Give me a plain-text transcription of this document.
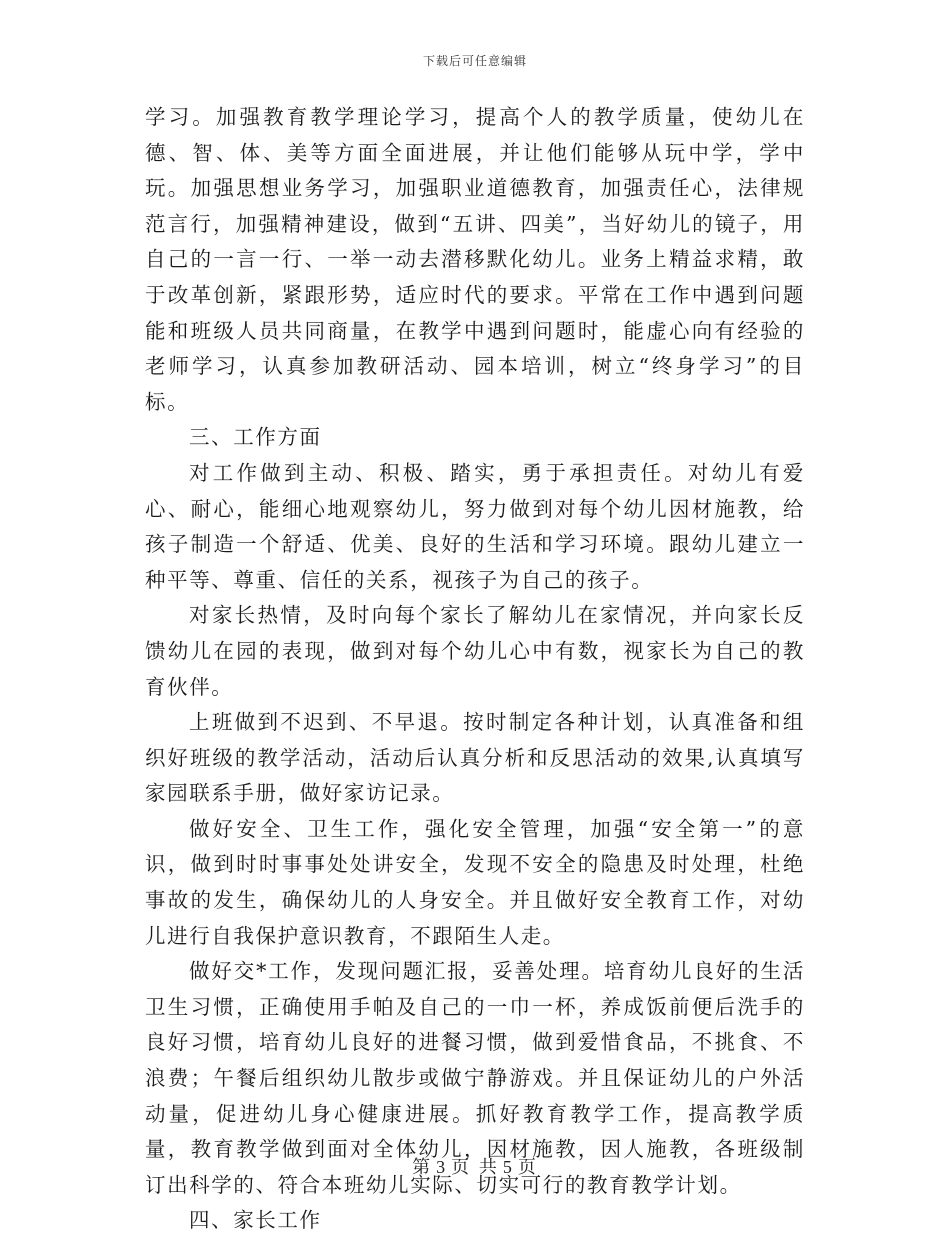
下载后可任意编辑

学习。加强教育教学理论学习，提高个人的教学质量，使幼儿在德、智、体、美等方面全面进展，并让他们能够从玩中学，学中玩。加强思想业务学习，加强职业道德教育，加强责任心，法律规范言行，加强精神建设，做到“五讲、四美”，当好幼儿的镜子，用自己的一言一行、一举一动去潜移默化幼儿。业务上精益求精，敢于改革创新，紧跟形势，适应时代的要求。平常在工作中遇到问题能和班级人员共同商量，在教学中遇到问题时，能虚心向有经验的老师学习，认真参加教研活动、园本培训，树立“终身学习”的目标。

三、工作方面

对工作做到主动、积极、踏实，勇于承担责任。对幼儿有爱心、耐心，能细心地观察幼儿，努力做到对每个幼儿因材施教，给孩子制造一个舒适、优美、良好的生活和学习环境。跟幼儿建立一种平等、尊重、信任的关系，视孩子为自己的孩子。

对家长热情，及时向每个家长了解幼儿在家情况，并向家长反馈幼儿在园的表现，做到对每个幼儿心中有数，视家长为自己的教育伙伴。

上班做到不迟到、不早退。按时制定各种计划，认真准备和组织好班级的教学活动，活动后认真分析和反思活动的效果,认真填写家园联系手册，做好家访记录。

做好安全、卫生工作，强化安全管理，加强“安全第一”的意识，做到时时事事处处讲安全，发现不安全的隐患及时处理，杜绝事故的发生，确保幼儿的人身安全。并且做好安全教育工作，对幼儿进行自我保护意识教育，不跟陌生人走。

做好交*工作，发现问题汇报，妥善处理。培育幼儿良好的生活卫生习惯，正确使用手帕及自己的一巾一杯，养成饭前便后洗手的良好习惯，培育幼儿良好的进餐习惯，做到爱惜食品，不挑食、不浪费；午餐后组织幼儿散步或做宁静游戏。并且保证幼儿的户外活动量，促进幼儿身心健康进展。抓好教育教学工作，提高教学质量，教育教学做到面对全体幼儿，因材施教，因人施教，各班级制订出科学的、符合本班幼儿实际、切实可行的教育教学计划。

四、家长工作

第 3 页 共 5 页
